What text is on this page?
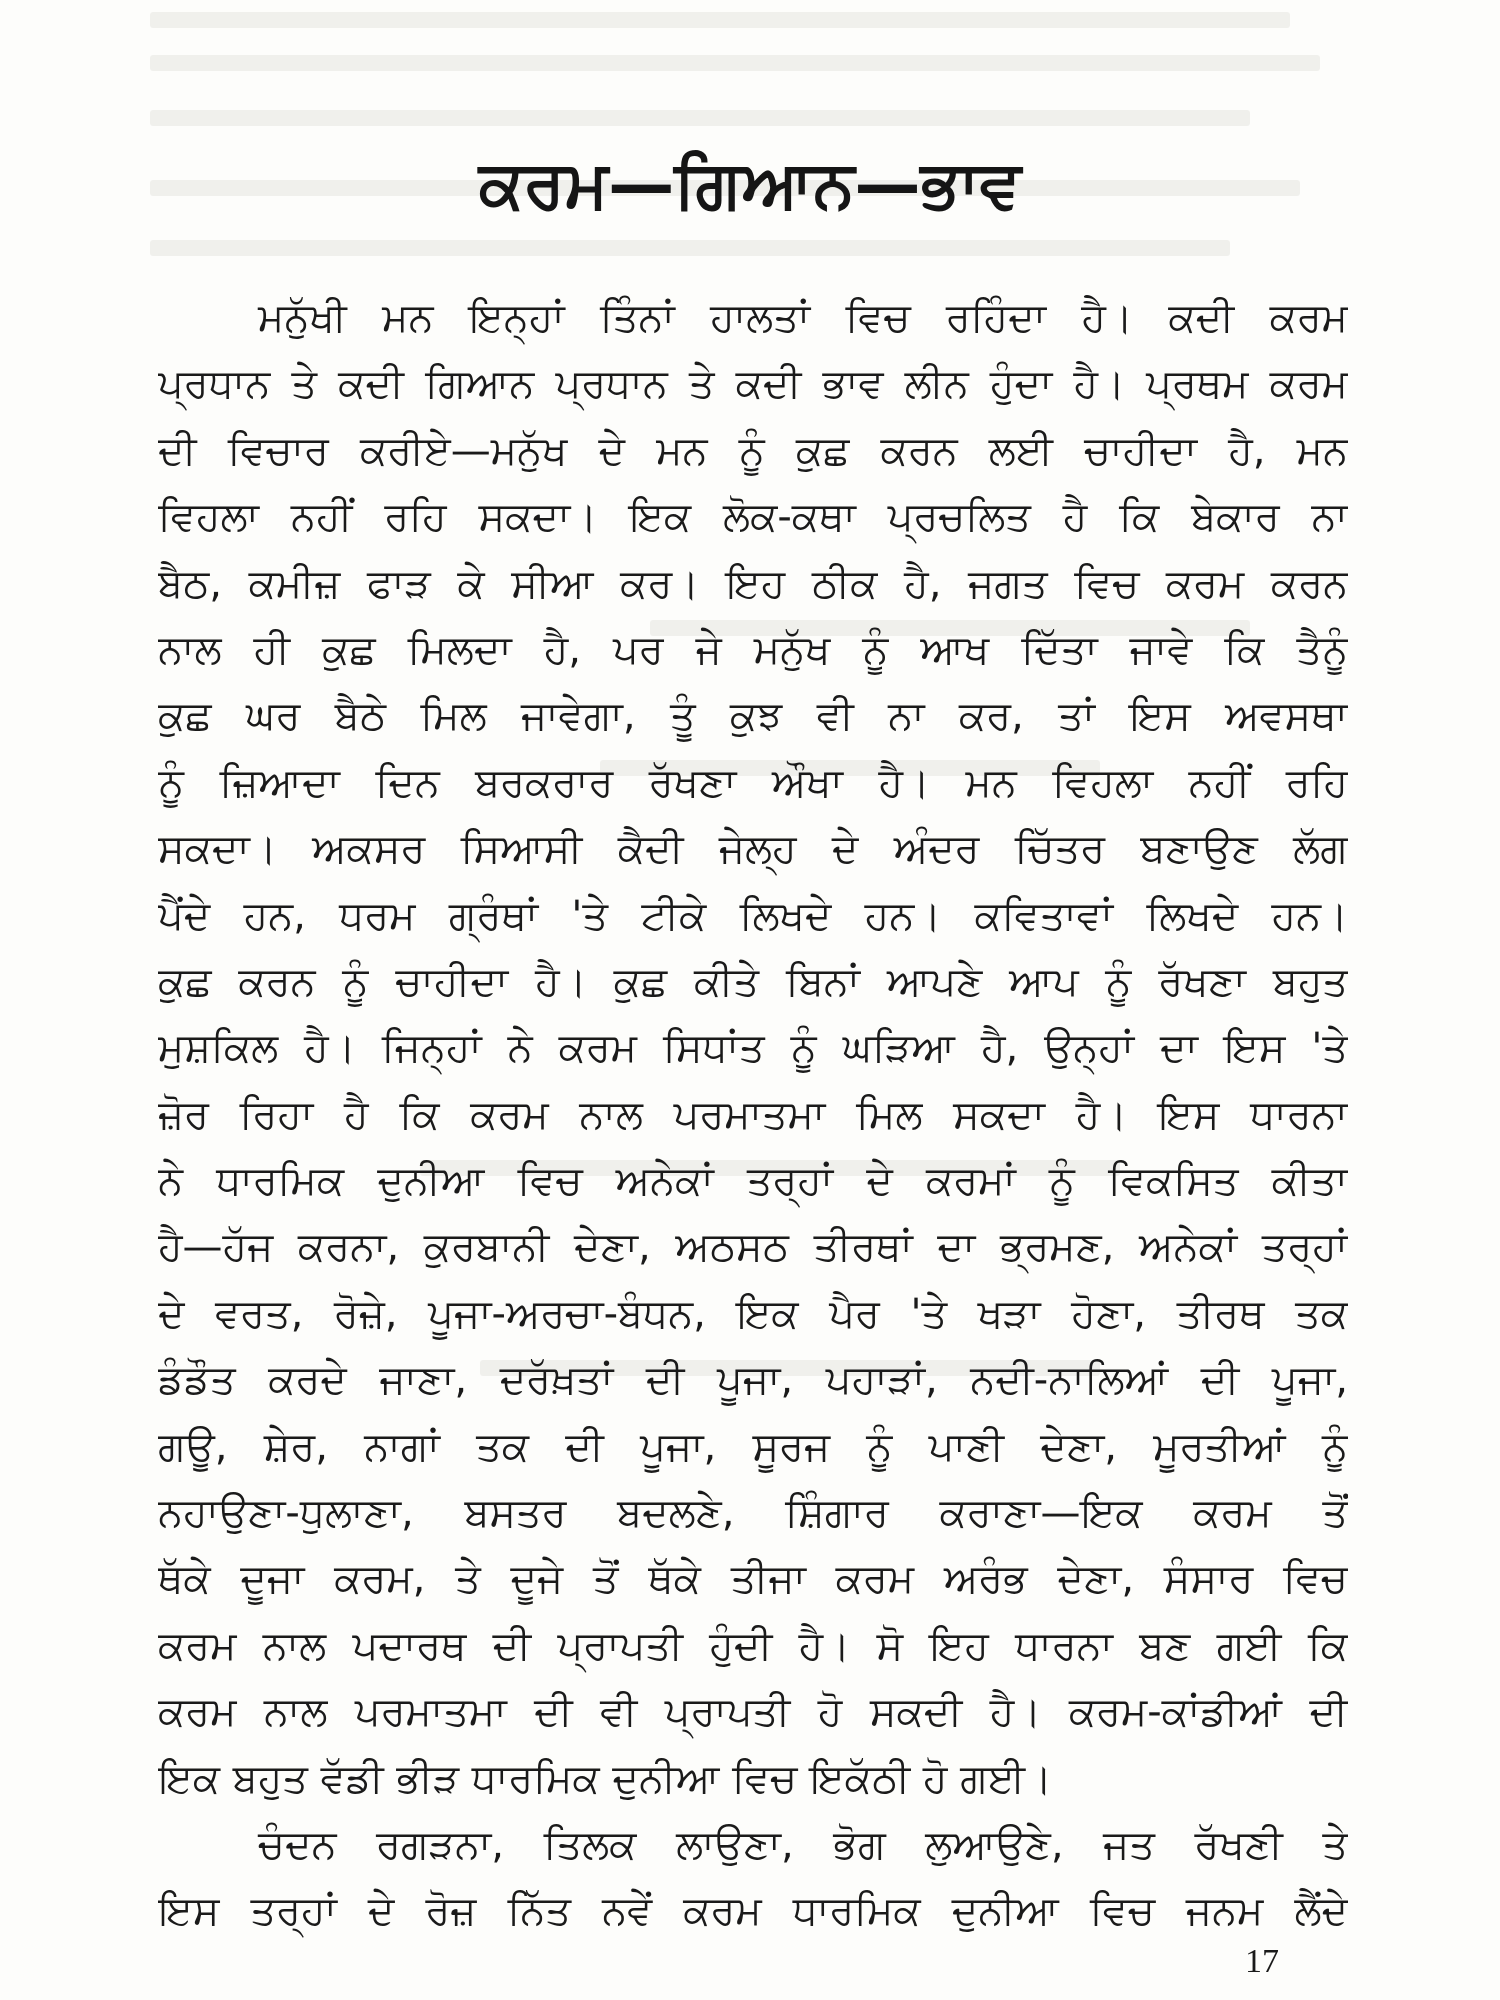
ਕਰਮ—ਗਿਆਨ—ਭਾਵ
ਮਨੁੱਖੀ ਮਨ ਇਨ੍ਹਾਂ ਤਿੰਨਾਂ ਹਾਲਤਾਂ ਵਿਚ ਰਹਿੰਦਾ ਹੈ। ਕਦੀ ਕਰਮ
ਪ੍ਰਧਾਨ ਤੇ ਕਦੀ ਗਿਆਨ ਪ੍ਰਧਾਨ ਤੇ ਕਦੀ ਭਾਵ ਲੀਨ ਹੁੰਦਾ ਹੈ। ਪ੍ਰਥਮ ਕਰਮ
ਦੀ ਵਿਚਾਰ ਕਰੀਏ—ਮਨੁੱਖ ਦੇ ਮਨ ਨੂੰ ਕੁਛ ਕਰਨ ਲਈ ਚਾਹੀਦਾ ਹੈ, ਮਨ
ਵਿਹਲਾ ਨਹੀਂ ਰਹਿ ਸਕਦਾ। ਇਕ ਲੋਕ-ਕਥਾ ਪ੍ਰਚਲਿਤ ਹੈ ਕਿ ਬੇਕਾਰ ਨਾ
ਬੈਠ, ਕਮੀਜ਼ ਫਾੜ ਕੇ ਸੀਆ ਕਰ। ਇਹ ਠੀਕ ਹੈ, ਜਗਤ ਵਿਚ ਕਰਮ ਕਰਨ
ਨਾਲ ਹੀ ਕੁਛ ਮਿਲਦਾ ਹੈ, ਪਰ ਜੇ ਮਨੁੱਖ ਨੂੰ ਆਖ ਦਿੱਤਾ ਜਾਵੇ ਕਿ ਤੈਨੂੰ
ਕੁਛ ਘਰ ਬੈਠੇ ਮਿਲ ਜਾਵੇਗਾ, ਤੂੰ ਕੁਝ ਵੀ ਨਾ ਕਰ, ਤਾਂ ਇਸ ਅਵਸਥਾ
ਨੂੰ ਜ਼ਿਆਦਾ ਦਿਨ ਬਰਕਰਾਰ ਰੱਖਣਾ ਔਖਾ ਹੈ। ਮਨ ਵਿਹਲਾ ਨਹੀਂ ਰਹਿ
ਸਕਦਾ। ਅਕਸਰ ਸਿਆਸੀ ਕੈਦੀ ਜੇਲ੍ਹ ਦੇ ਅੰਦਰ ਚਿੱਤਰ ਬਣਾਉਣ ਲੱਗ
ਪੈਂਦੇ ਹਨ, ਧਰਮ ਗ੍ਰੰਥਾਂ 'ਤੇ ਟੀਕੇ ਲਿਖਦੇ ਹਨ। ਕਵਿਤਾਵਾਂ ਲਿਖਦੇ ਹਨ।
ਕੁਛ ਕਰਨ ਨੂੰ ਚਾਹੀਦਾ ਹੈ। ਕੁਛ ਕੀਤੇ ਬਿਨਾਂ ਆਪਣੇ ਆਪ ਨੂੰ ਰੱਖਣਾ ਬਹੁਤ
ਮੁਸ਼ਕਿਲ ਹੈ। ਜਿਨ੍ਹਾਂ ਨੇ ਕਰਮ ਸਿਧਾਂਤ ਨੂੰ ਘੜਿਆ ਹੈ, ਉਨ੍ਹਾਂ ਦਾ ਇਸ 'ਤੇ
ਜ਼ੋਰ ਰਿਹਾ ਹੈ ਕਿ ਕਰਮ ਨਾਲ ਪਰਮਾਤਮਾ ਮਿਲ ਸਕਦਾ ਹੈ। ਇਸ ਧਾਰਨਾ
ਨੇ ਧਾਰਮਿਕ ਦੁਨੀਆ ਵਿਚ ਅਨੇਕਾਂ ਤਰ੍ਹਾਂ ਦੇ ਕਰਮਾਂ ਨੂੰ ਵਿਕਸਿਤ ਕੀਤਾ
ਹੈ—ਹੱਜ ਕਰਨਾ, ਕੁਰਬਾਨੀ ਦੇਣਾ, ਅਠਸਠ ਤੀਰਥਾਂ ਦਾ ਭ੍ਰਮਣ, ਅਨੇਕਾਂ ਤਰ੍ਹਾਂ
ਦੇ ਵਰਤ, ਰੋਜ਼ੇ, ਪੂਜਾ-ਅਰਚਾ-ਬੰਧਨ, ਇਕ ਪੈਰ 'ਤੇ ਖੜਾ ਹੋਣਾ, ਤੀਰਥ ਤਕ
ਡੰਡੌਤ ਕਰਦੇ ਜਾਣਾ, ਦਰੱਖ਼ਤਾਂ ਦੀ ਪੂਜਾ, ਪਹਾੜਾਂ, ਨਦੀ-ਨਾਲਿਆਂ ਦੀ ਪੂਜਾ,
ਗਊ, ਸ਼ੇਰ, ਨਾਗਾਂ ਤਕ ਦੀ ਪੂਜਾ, ਸੂਰਜ ਨੂੰ ਪਾਣੀ ਦੇਣਾ, ਮੂਰਤੀਆਂ ਨੂੰ
ਨਹਾਉਣਾ-ਧੁਲਾਣਾ, ਬਸਤਰ ਬਦਲਣੇ, ਸ਼ਿੰਗਾਰ ਕਰਾਣਾ—ਇਕ ਕਰਮ ਤੋਂ
ਥੱਕੇ ਦੂਜਾ ਕਰਮ, ਤੇ ਦੂਜੇ ਤੋਂ ਥੱਕੇ ਤੀਜਾ ਕਰਮ ਅਰੰਭ ਦੇਣਾ, ਸੰਸਾਰ ਵਿਚ
ਕਰਮ ਨਾਲ ਪਦਾਰਥ ਦੀ ਪ੍ਰਾਪਤੀ ਹੁੰਦੀ ਹੈ। ਸੋ ਇਹ ਧਾਰਨਾ ਬਣ ਗਈ ਕਿ
ਕਰਮ ਨਾਲ ਪਰਮਾਤਮਾ ਦੀ ਵੀ ਪ੍ਰਾਪਤੀ ਹੋ ਸਕਦੀ ਹੈ। ਕਰਮ-ਕਾਂਡੀਆਂ ਦੀ
ਇਕ ਬਹੁਤ ਵੱਡੀ ਭੀੜ ਧਾਰਮਿਕ ਦੁਨੀਆ ਵਿਚ ਇਕੱਠੀ ਹੋ ਗਈ।
ਚੰਦਨ ਰਗੜਨਾ, ਤਿਲਕ ਲਾਉਣਾ, ਭੋਗ ਲੁਆਉਣੇ, ਜਤ ਰੱਖਣੀ ਤੇ
ਇਸ ਤਰ੍ਹਾਂ ਦੇ ਰੋਜ਼ ਨਿੱਤ ਨਵੇਂ ਕਰਮ ਧਾਰਮਿਕ ਦੁਨੀਆ ਵਿਚ ਜਨਮ ਲੈਂਦੇ
17
